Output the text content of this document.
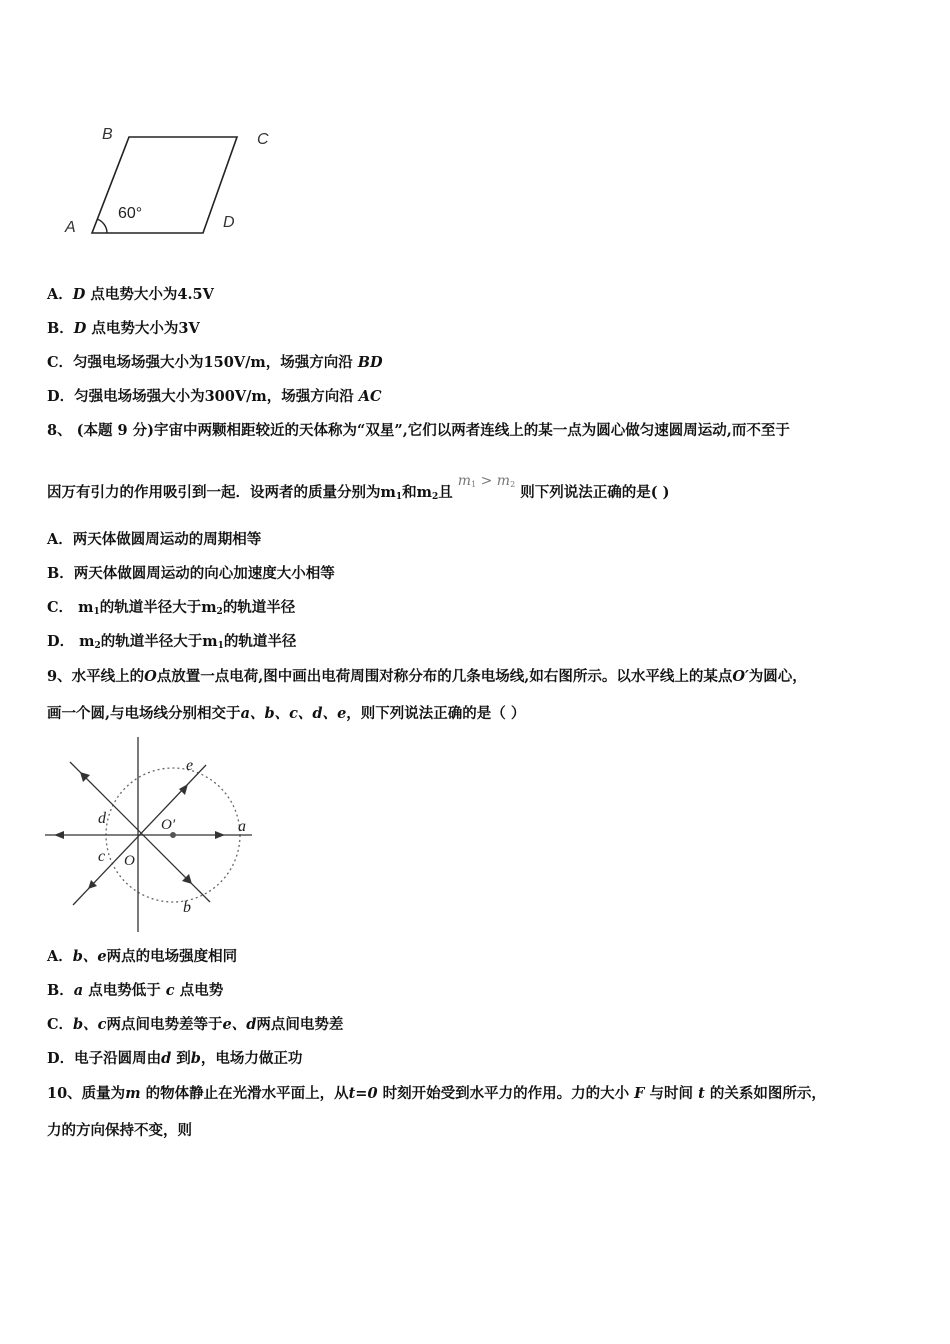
B	C
A	D
60°
A．D 点电势大小为4.5V
B．D 点电势大小为3V
C．匀强电场场强大小为150V/m，场强方向沿 BD
D．匀强电场场强大小为300V/m，场强方向沿 AC
8、 (本题 9 分)宇宙中两颗相距较近的天体称为“双星”,它们以两者连线上的某一点为圆心做匀速圆周运动,而不至于
因万有引力的作用吸引到一起．设两者的质量分别为$m_1$和$m_2$且 $m_1 > m_2$ 则下列说法正确的是( )
A．两天体做圆周运动的周期相等
B．两天体做圆周运动的向心加速度大小相等
C． $m_1$的轨道半径大于$m_2$的轨道半径
D． $m_2$的轨道半径大于$m_1$的轨道半径
9、水平线上的O点放置一点电荷,图中画出电荷周围对称分布的几条电场线,如右图所示。以水平线上的某点O′为圆心，
画一个圆,与电场线分别相交于a、b、c、d、e，则下列说法正确的是（ ）
e
d	O′	a
c O
b
A．b、e两点的电场强度相同
B．a 点电势低于 c 点电势
C．b、c两点间电势差等于e、d两点间电势差
D．电子沿圆周由d 到b，电场力做正功
10、质量为m 的物体静止在光滑水平面上，从t=0 时刻开始受到水平力的作用。力的大小 F 与时间 t 的关系如图所示，
力的方向保持不变，则
